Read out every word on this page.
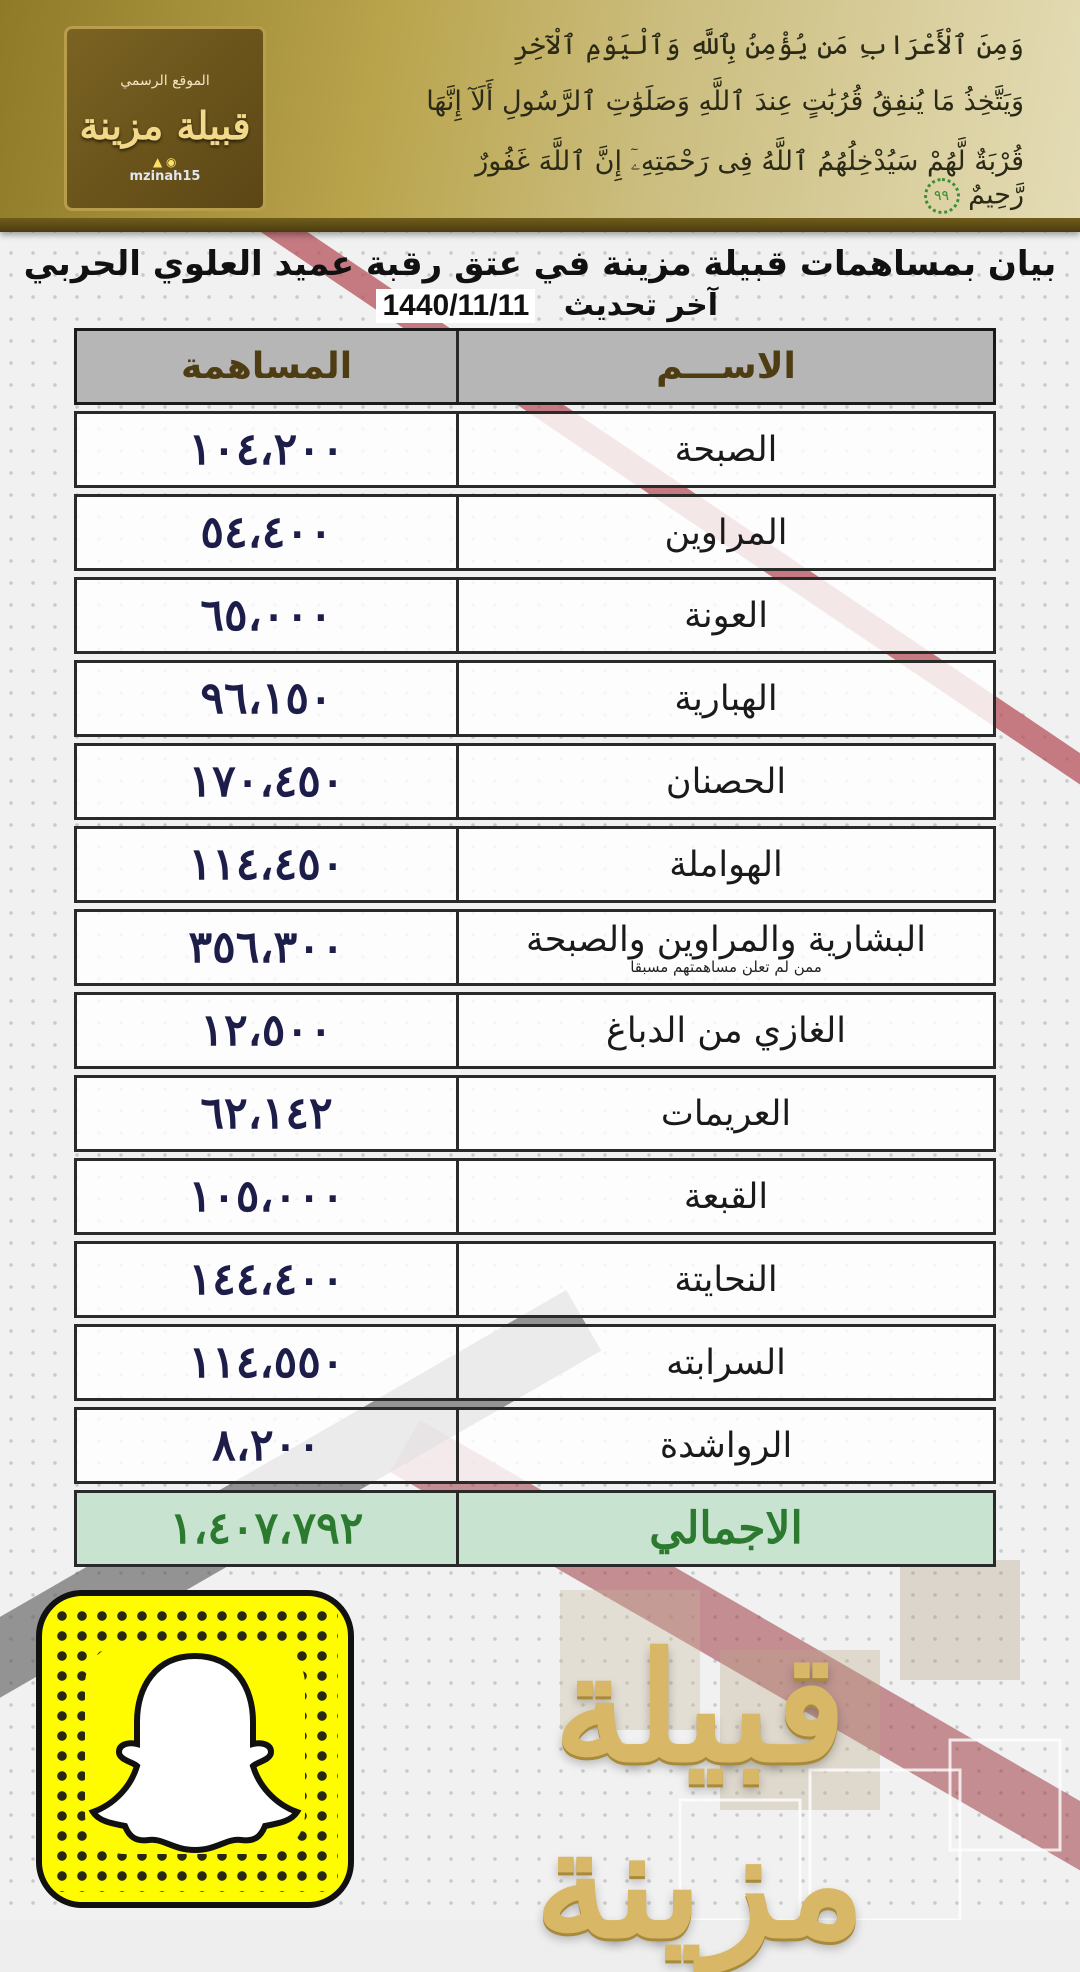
الموقع الرسمي
قبيلة مزينة
▲ ◉
mzinah15
وَمِنَ ٱلْأَعْرَابِ مَن يُؤْمِنُ بِٱللَّهِ وَٱلْيَوْمِ ٱلْآخِرِ
وَيَتَّخِذُ مَا يُنفِقُ قُرُبَٰتٍ عِندَ ٱللَّهِ وَصَلَوَٰتِ ٱلرَّسُولِ أَلَآ إِنَّهَا
قُرْبَةٌ لَّهُمْ سَيُدْخِلُهُمُ ٱللَّهُ فِى رَحْمَتِهِۦٓ إِنَّ ٱللَّهَ غَفُورٌ رَّحِيمٌ ٩٩
بيان بمساهمات قبيلة مزينة في عتق رقبة عميد العلوي الحربي
آخر تحديث 1440/11/11
المساهمة	الاســـم
١٠٤،٢٠٠	الصبحة
٥٤،٤٠٠	المراوين
٦٥،٠٠٠	العونة
٩٦،١٥٠	الهبارية
١٧٠،٤٥٠	الحصنان
١١٤،٤٥٠	الهواملة
٣٥٦،٣٠٠	البشارية والمراوين والصبحة
ممن لم تعلن مساهمتهم مسبقا
١٢،٥٠٠	الغازي من الدباغ
٦٢،١٤٢	العريمات
١٠٥،٠٠٠	القبعة
١٤٤،٤٠٠	النحايتة
١١٤،٥٥٠	السرابته
٨،٢٠٠	الرواشدة
١،٤٠٧،٧٩٢	الاجمالي
قبيلة مزينة
